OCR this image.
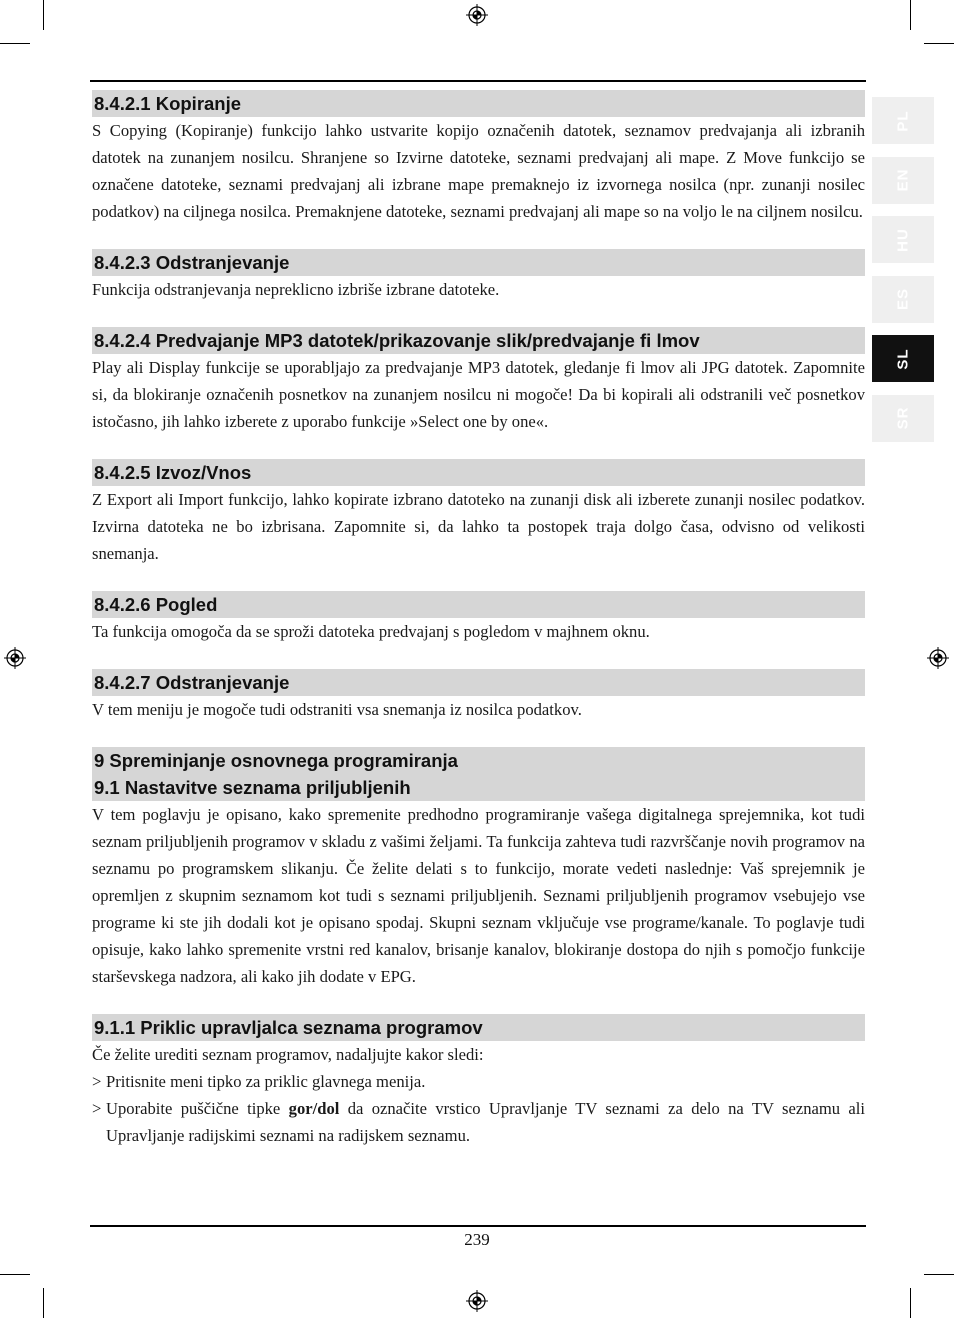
PL
EN
HU
ES
SL
SR
8.4.2.1 Kopiranje

S Copying (Kopiranje) funkcijo lahko ustvarite kopijo označenih datotek, seznamov predvajanja ali izbranih datotek na zunanjem nosilcu. Shranjene so Izvirne datoteke, seznami predvajanj ali mape. Z Move funkcijo se označene datoteke, seznami predvajanj ali izbrane mape premaknejo iz izvornega nosilca (npr. zunanji nosilec podatkov) na ciljnega nosilca. Premaknjene datoteke, seznami predvajanj ali mape so na voljo le na ciljnem nosilcu.

8.4.2.3 Odstranjevanje

Funkcija odstranjevanja nepreklicno izbriše izbrane datoteke.

8.4.2.4 Predvajanje MP3 datotek/prikazovanje slik/predvajanje fi lmov

Play ali Display funkcije se uporabljajo za predvajanje MP3 datotek, gledanje fi lmov ali JPG datotek. Zapomnite si, da blokiranje označenih posnetkov na zunanjem nosilcu ni mogoče! Da bi kopirali ali odstranili več posnetkov istočasno, jih lahko izberete z uporabo funkcije »Select one by one«.

8.4.2.5 Izvoz/Vnos

Z Export ali Import funkcijo, lahko kopirate izbrano datoteko na zunanji disk ali izberete zunanji nosilec podatkov. Izvirna datoteka ne bo izbrisana. Zapomnite si, da lahko ta postopek traja dolgo časa, odvisno od velikosti snemanja.

8.4.2.6 Pogled

Ta funkcija omogoča da se sproži datoteka predvajanj s pogledom v majhnem oknu.

8.4.2.7 Odstranjevanje

V tem meniju je mogoče tudi odstraniti vsa snemanja iz nosilca podatkov.

9 Spreminjanje osnovnega programiranja
9.1 Nastavitve seznama priljubljenih

V tem poglavju je opisano, kako spremenite predhodno programiranje vašega digitalnega sprejemnika, kot tudi seznam priljubljenih programov v skladu z vašimi željami. Ta funkcija zahteva tudi razvrščanje novih programov na seznamu po programskem slikanju. Če želite delati s to funkcijo, morate vedeti naslednje: Vaš sprejemnik je opremljen z skupnim seznamom kot tudi s seznami priljubljenih. Seznami priljubljenih programov vsebujejo vse programe ki ste jih dodali kot je opisano spodaj. Skupni seznam vključuje vse programe/kanale. To poglavje tudi opisuje, kako lahko spremenite vrstni red kanalov, brisanje kanalov, blokiranje dostopa do njih s pomočjo funkcije starševskega nadzora, ali kako jih dodate v EPG.

9.1.1 Priklic upravljalca seznama programov

Če želite urediti seznam programov, nadaljujte kakor sledi:

> Pritisnite meni tipko za priklic glavnega menija.
> Uporabite puščične tipke gor/dol da označite vrstico Upravljanje TV seznami za delo na TV seznamu ali Upravljanje radijskimi seznami na radijskem seznamu.
239
